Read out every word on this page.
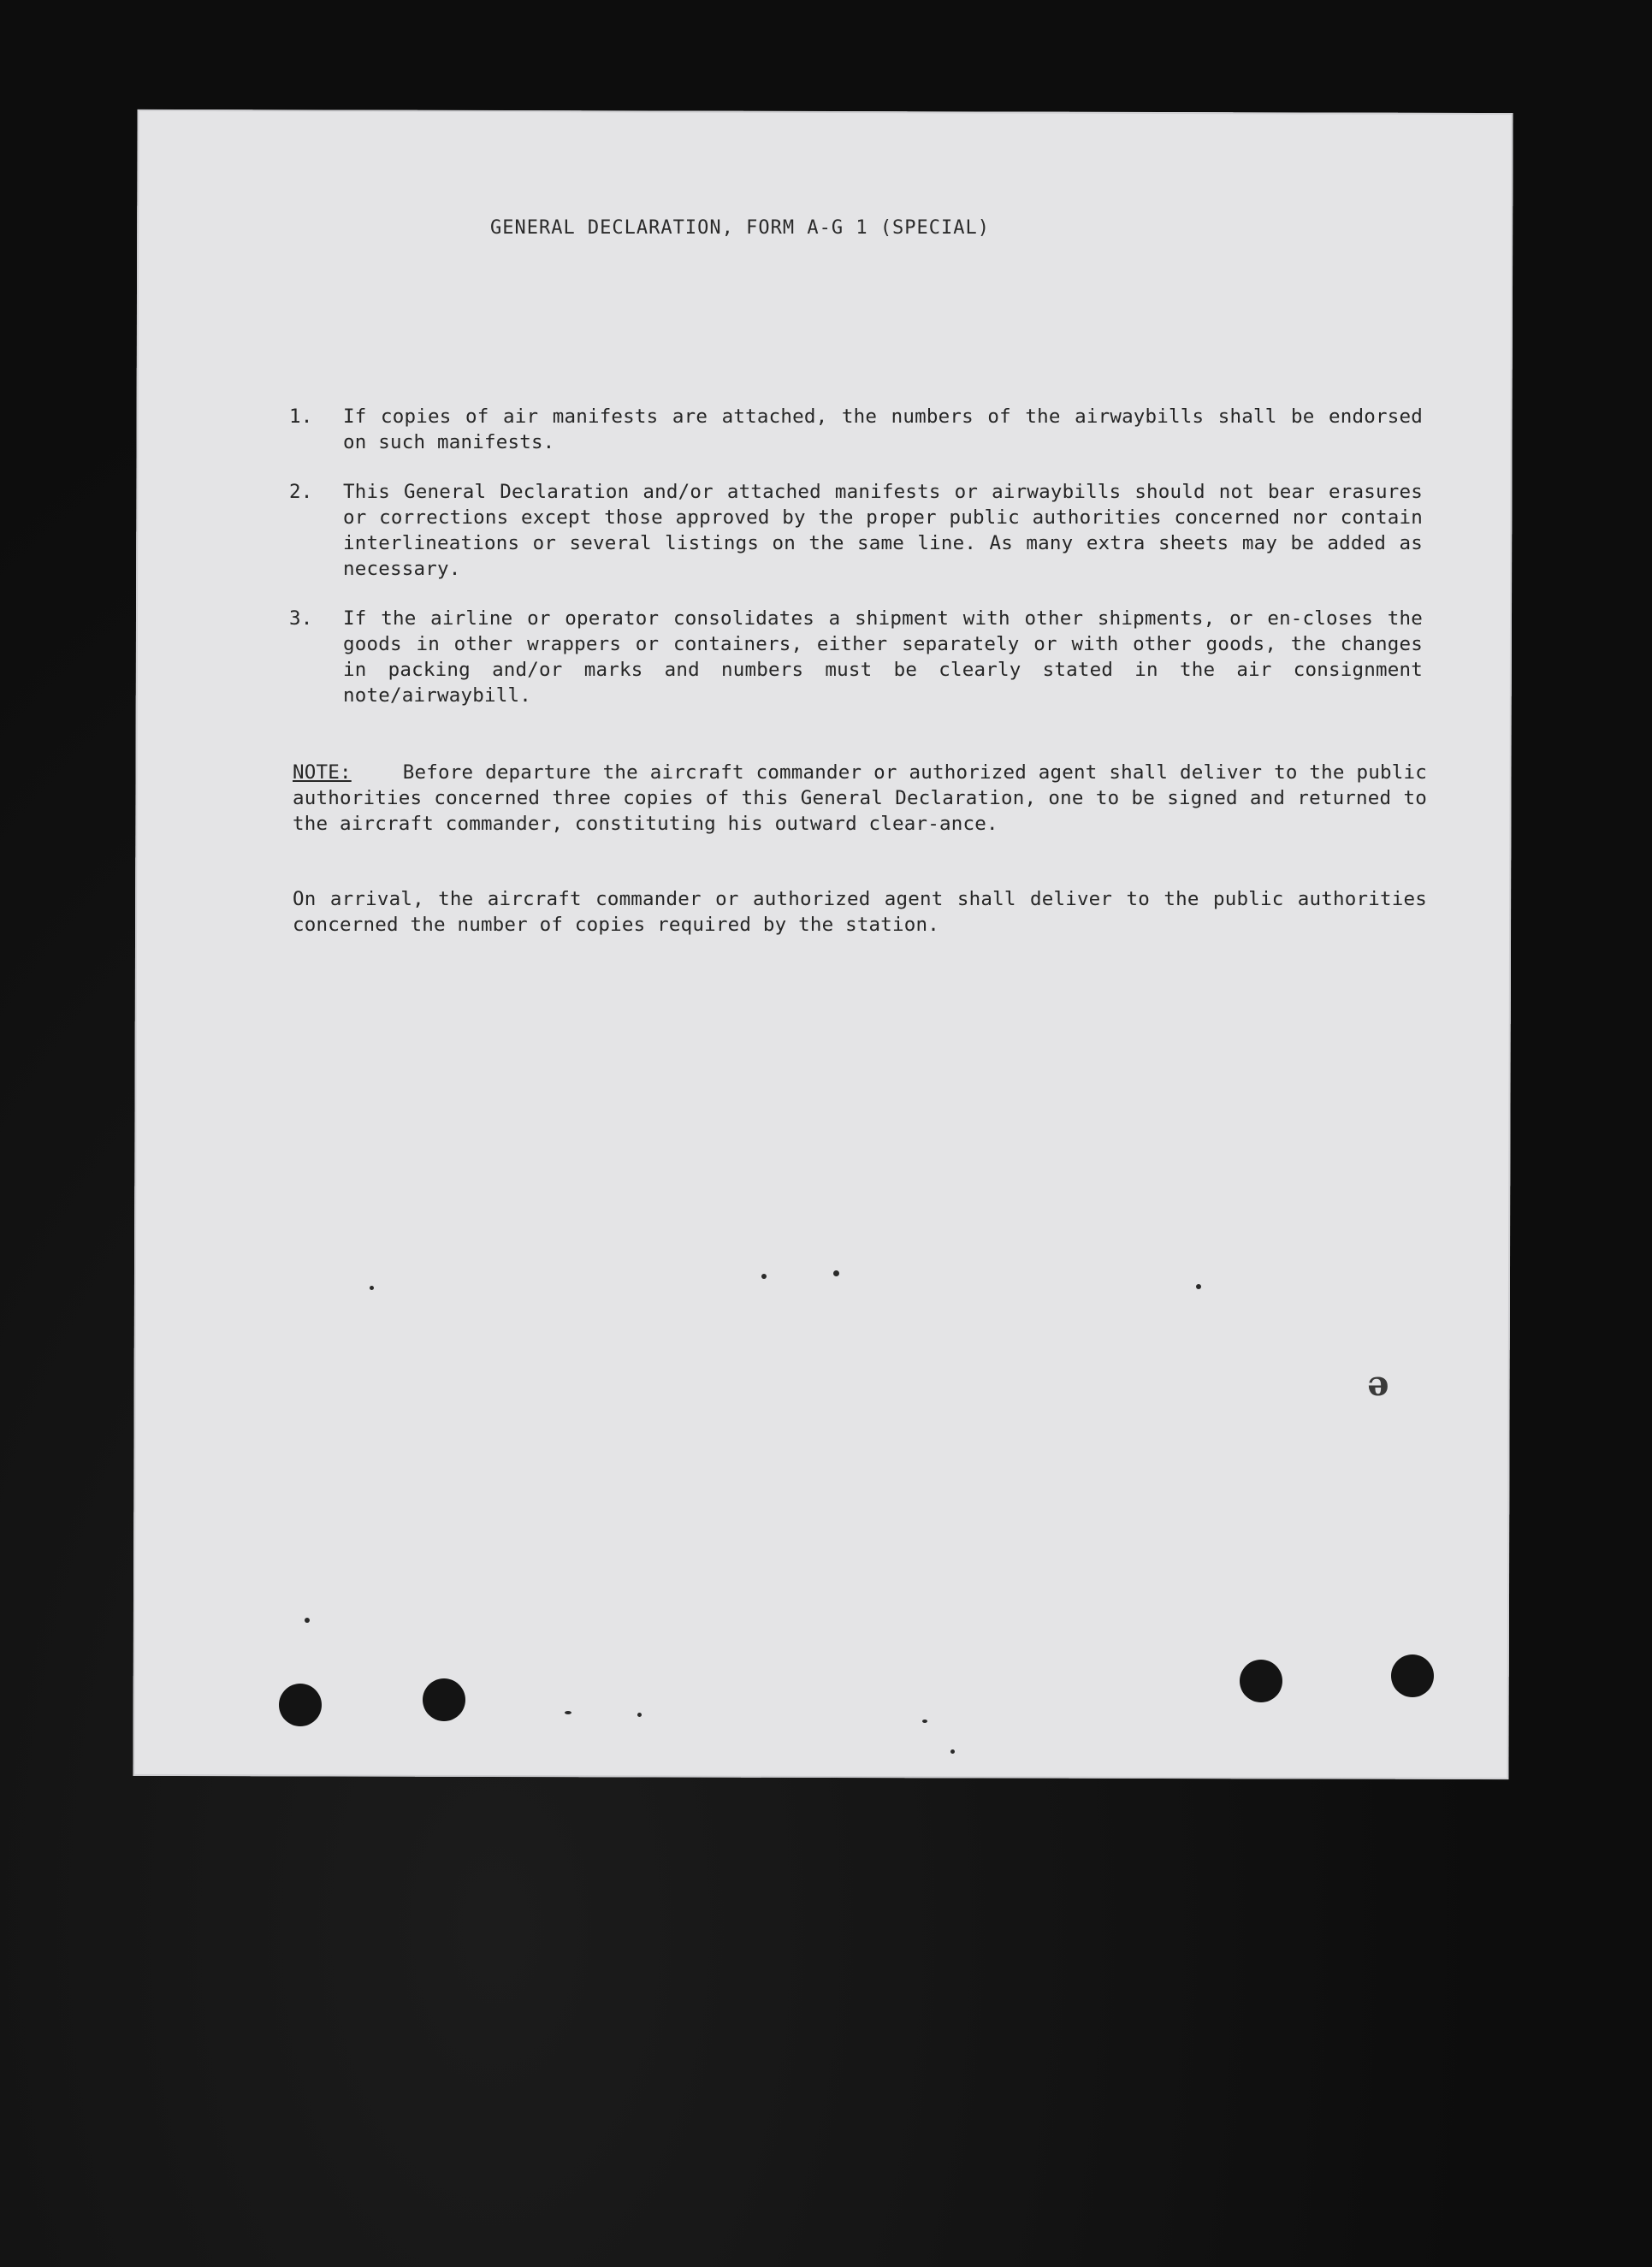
GENERAL DECLARATION, FORM A-G 1 (SPECIAL)
1.	If copies of air manifests are attached, the numbers of the airwaybills shall be endorsed on such manifests.
2.	This General Declaration and/or attached manifests or airwaybills should not bear erasures or corrections except those approved by the proper public authorities concerned nor contain interlineations or several listings on the same line. As many extra sheets may be added as necessary.
3.	If the airline or operator consolidates a shipment with other shipments, or en-closes the goods in other wrappers or containers, either separately or with other goods, the changes in packing and/or marks and numbers must be clearly stated in the air consignment note/airwaybill.
NOTE:	Before departure the aircraft commander or authorized agent shall deliver to the public authorities concerned three copies of this General Declaration, one to be signed and returned to the aircraft commander, constituting his outward clear-ance.
On arrival, the aircraft commander or authorized agent shall deliver to the public authorities concerned the number of copies required by the station.
e
